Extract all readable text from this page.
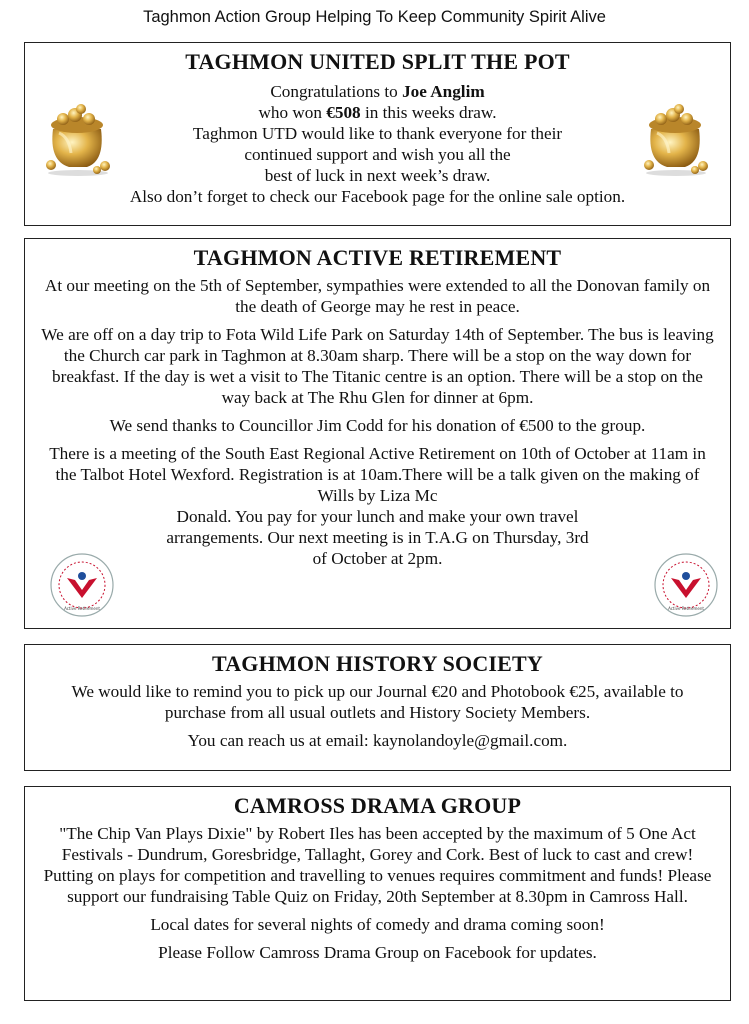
Taghmon Action Group Helping To Keep Community Spirit Alive
TAGHMON UNITED SPLIT THE POT

Congratulations to Joe Anglim

who won €508 in this weeks draw.

Taghmon UTD would like to thank everyone for their

continued support and wish you all the

best of luck in next week’s draw.

Also don’t forget to check our Facebook page for the online sale option.

TAGHMON ACTIVE RETIREMENT

At our meeting on the 5th of September, sympathies were extended to all the Donovan family on the death of George may he rest in peace.

We are off on a day trip to Fota Wild Life Park on Saturday 14th of September. The bus is leaving the Church car park in Taghmon at 8.30am sharp. There will be a stop on the way down for breakfast. If the day is wet a visit to The Titanic centre is an option. There will be a stop on the way back at The Rhu Glen for dinner at 6pm.

We send thanks to Councillor Jim Codd for his donation of €500 to the group.

There is a meeting of the South East Regional Active Retirement on 10th of October at 11am in the Talbot Hotel Wexford. Registration is at 10am.There will be a talk given on the making of Wills by Liza Mc

Donald. You pay for your lunch and make your own travel

arrangements. Our next meeting is in T.A.G on Thursday, 3rd

of October at 2pm.

Active Retirement	Active Retirement
TAGHMON HISTORY SOCIETY

We would like to remind you to pick up our Journal €20 and Photobook €25, available to purchase from all usual outlets and History Society Members.

You can reach us at email: kaynolandoyle@gmail.com.

CAMROSS DRAMA GROUP

"The Chip Van Plays Dixie" by Robert Iles has been accepted by the maximum of 5 One Act Festivals - Dundrum, Goresbridge, Tallaght, Gorey and Cork. Best of luck to cast and crew! Putting on plays for competition and travelling to venues requires commitment and funds! Please support our fundraising Table Quiz on Friday, 20th September at 8.30pm in Camross Hall.

Local dates for several nights of comedy and drama coming soon!

Please Follow Camross Drama Group on Facebook for updates.
